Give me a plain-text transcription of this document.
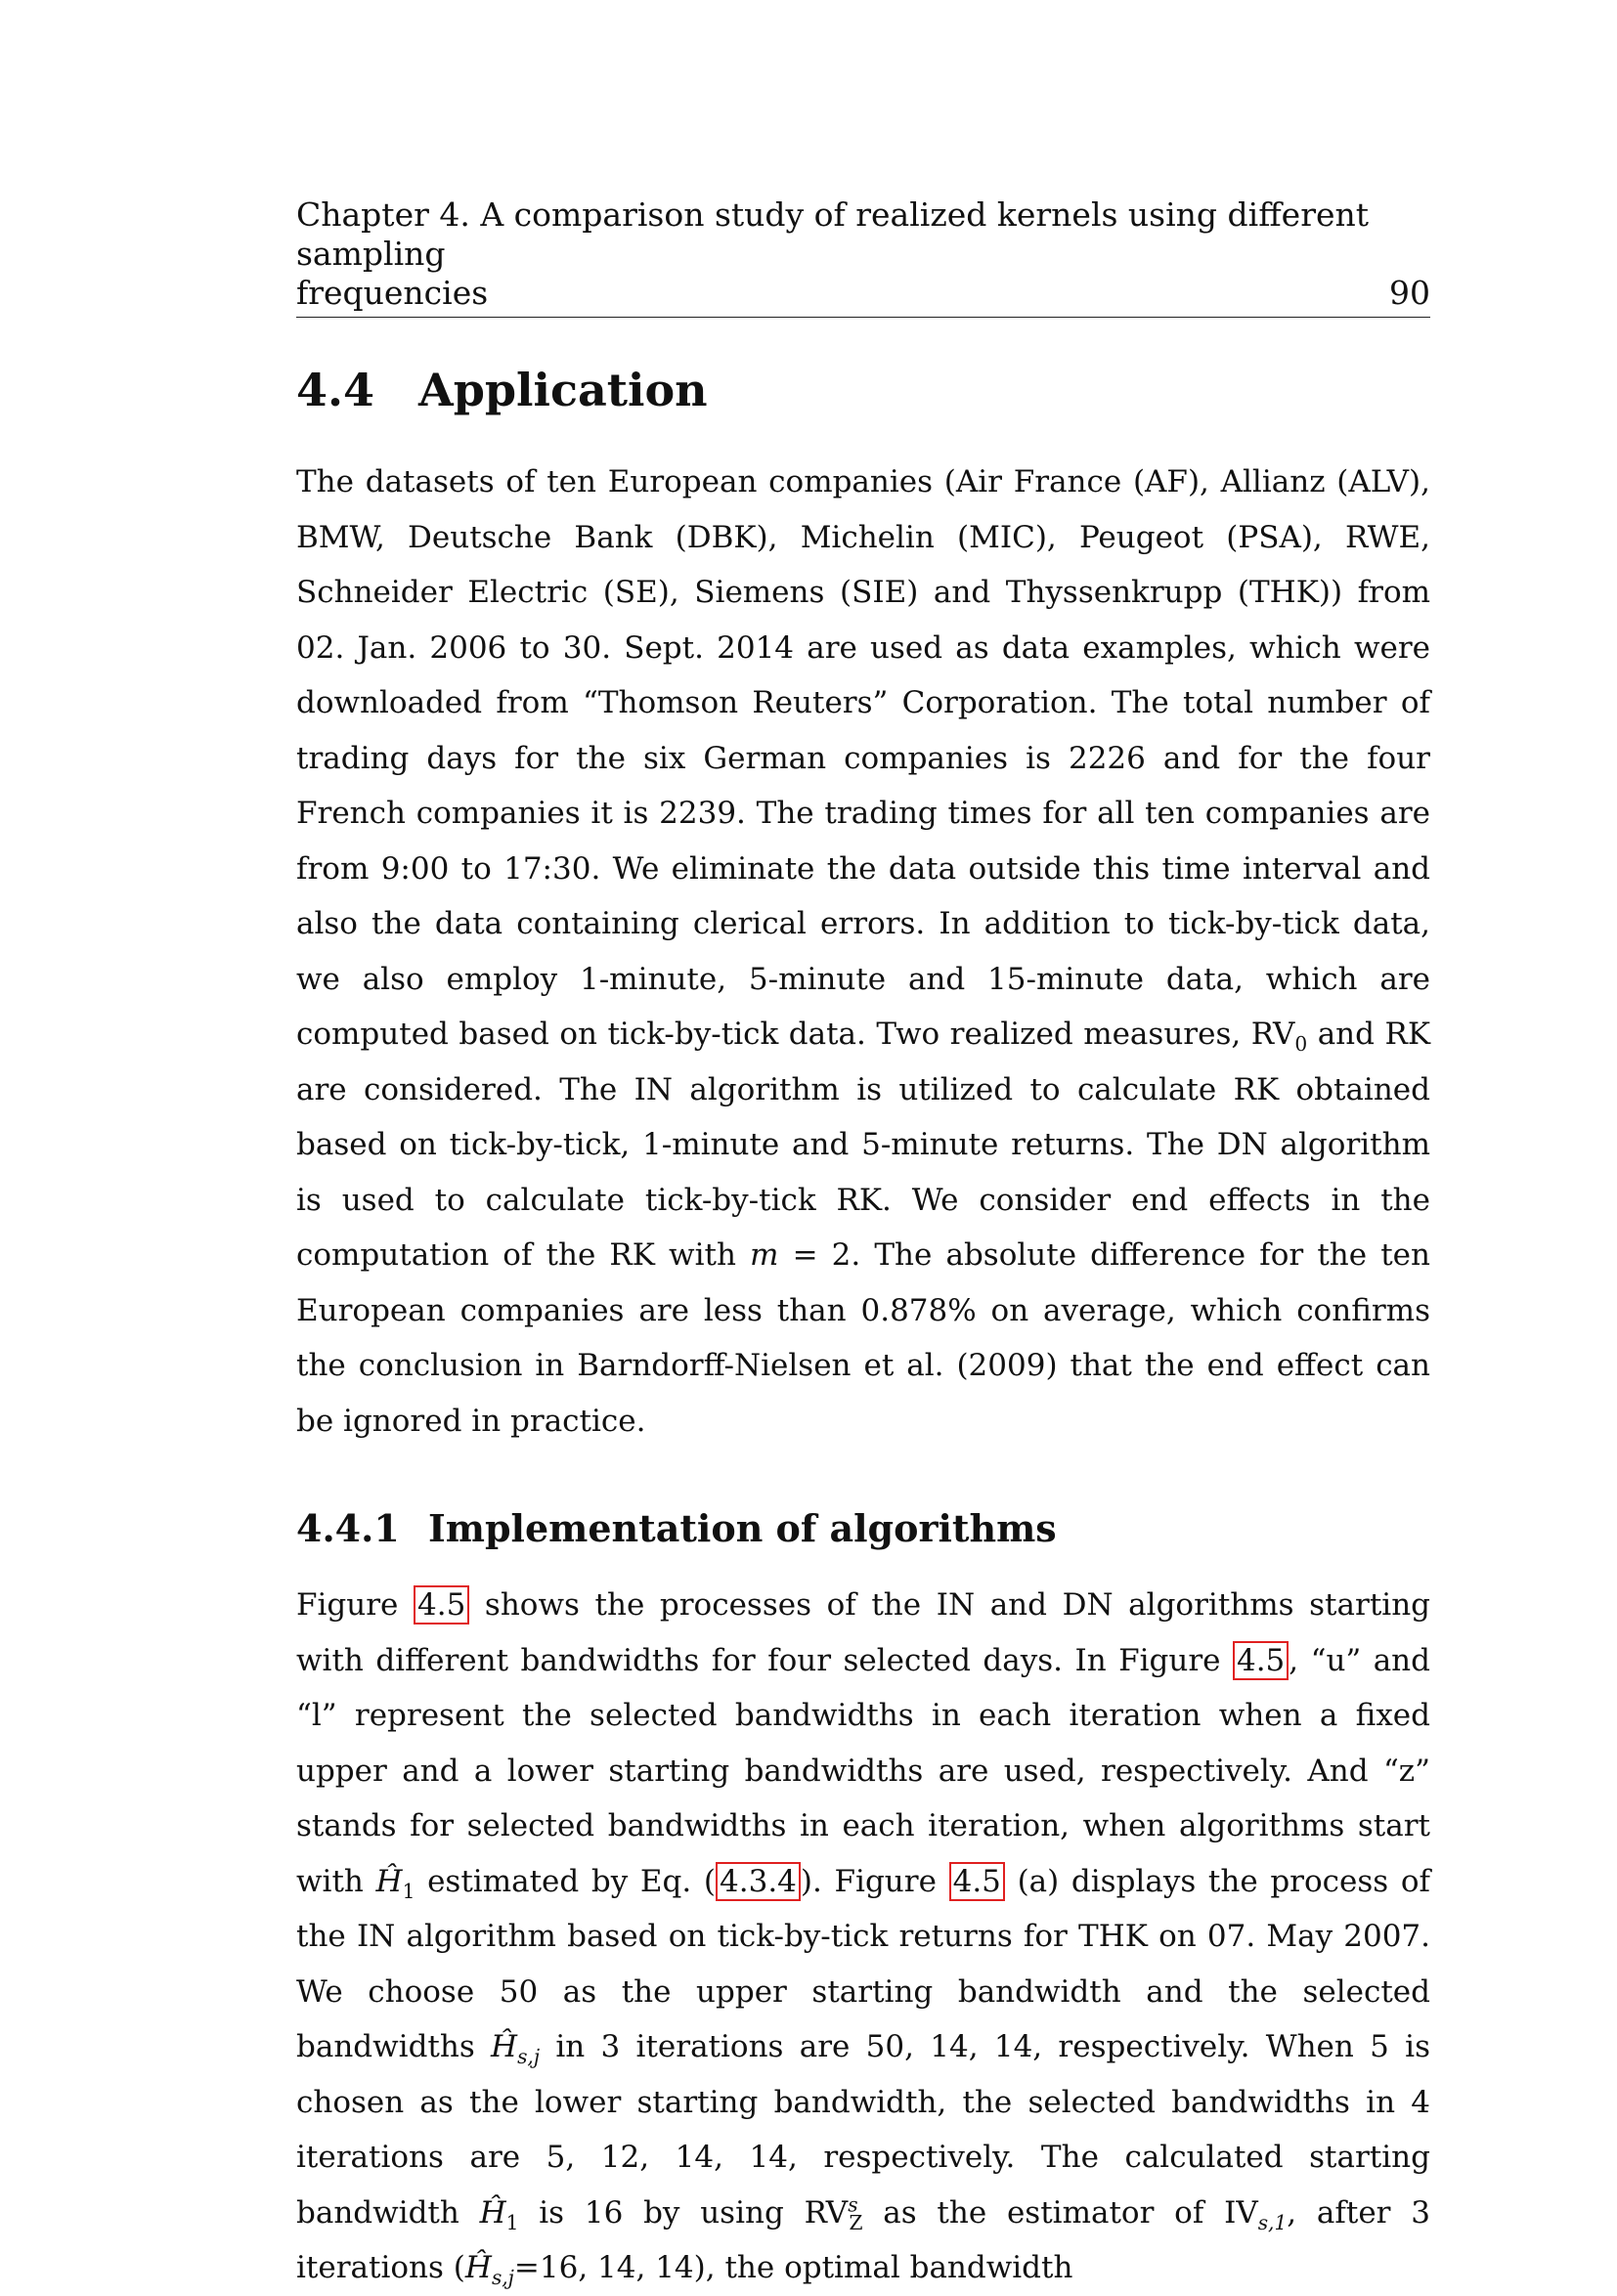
Chapter 4. A comparison study of realized kernels using different sampling
frequencies	90
4.4 Application
The datasets of ten European companies (Air France (AF), Allianz (ALV), BMW, Deutsche Bank (DBK), Michelin (MIC), Peugeot (PSA), RWE, Schneider Electric (SE), Siemens (SIE) and Thyssenkrupp (THK)) from 02. Jan. 2006 to 30. Sept. 2014 are used as data examples, which were downloaded from “Thomson Reuters” Corporation. The total number of trading days for the six German companies is 2226 and for the four French companies it is 2239. The trading times for all ten companies are from 9:00 to 17:30. We eliminate the data outside this time interval and also the data containing clerical errors. In addition to tick-by-tick data, we also employ 1-minute, 5-minute and 15-minute data, which are computed based on tick-by-tick data. Two realized measures, $RV_0$ and RK are considered. The IN algorithm is utilized to calculate RK obtained based on tick-by-tick, 1-minute and 5-minute returns. The DN algorithm is used to calculate tick-by-tick RK. We consider end effects in the computation of the RK with m = 2. The absolute difference for the ten European companies are less than 0.878% on average, which confirms the conclusion in Barndorff-Nielsen et al. (2009) that the end effect can be ignored in practice.
4.4.1 Implementation of algorithms
Figure 4.5 shows the processes of the IN and DN algorithms starting with different bandwidths for four selected days. In Figure 4.5 , “u” and “l” represent the selected bandwidths in each iteration when a fixed upper and a lower starting bandwidths are used, respectively. And “z” stands for selected bandwidths in each iteration, when algorithms start with $Ĥ_1$ estimated by Eq. ( 4.3.4 ). Figure 4.5 (a) displays the process of the IN algorithm based on tick-by-tick returns for THK on 07. May 2007. We choose 50 as the upper starting bandwidth and the selected bandwidths $Ĥ_{s,j}$ in 3 iterations are 50, 14, 14, respectively. When 5 is chosen as the lower starting bandwidth, the selected bandwidths in 4 iterations are 5, 12, 14, 14, respectively. The calculated starting bandwidth $Ĥ_1$ is 16 by using $RV^s_Z$ as the estimator of $IV_{s,1}$, after 3 iterations ($Ĥ_{s,j}=16$, 14, 14), the optimal bandwidth
